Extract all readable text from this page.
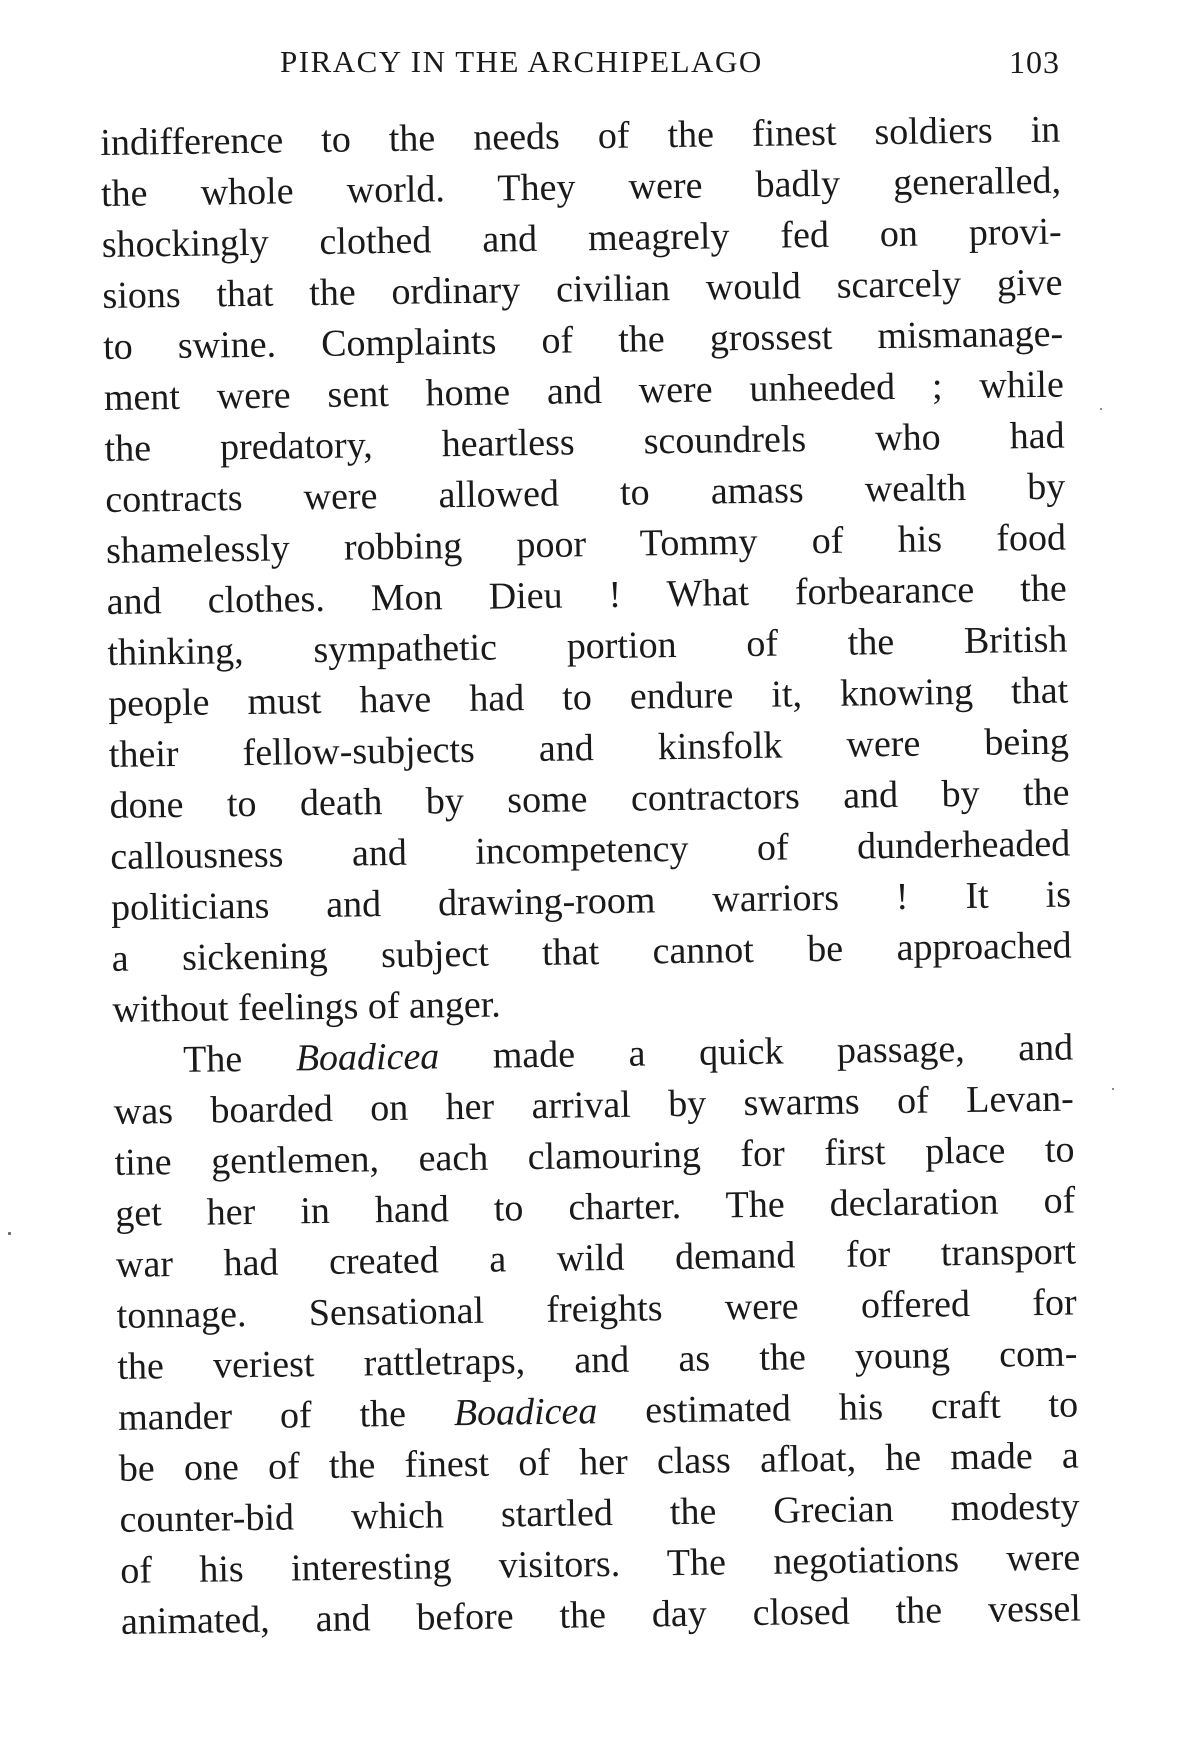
PIRACY IN THE ARCHIPELAGO	103
indifference to the needs of the finest soldiers in
the whole world. They were badly generalled,
shockingly clothed and meagrely fed on provi-
sions that the ordinary civilian would scarcely give
to swine. Complaints of the grossest mismanage-
ment were sent home and were unheeded ; while
the predatory, heartless scoundrels who had
contracts were allowed to amass wealth by
shamelessly robbing poor Tommy of his food
and clothes. Mon Dieu ! What forbearance the
thinking, sympathetic portion of the British
people must have had to endure it, knowing that
their fellow-subjects and kinsfolk were being
done to death by some contractors and by the
callousness and incompetency of dunderheaded
politicians and drawing-room warriors ! It is
a sickening subject that cannot be approached
without feelings of anger.
The Boadicea made a quick passage, and
was boarded on her arrival by swarms of Levan-
tine gentlemen, each clamouring for first place to
get her in hand to charter. The declaration of
war had created a wild demand for transport
tonnage. Sensational freights were offered for
the veriest rattletraps, and as the young com-
mander of the Boadicea estimated his craft to
be one of the finest of her class afloat, he made a
counter-bid which startled the Grecian modesty
of his interesting visitors. The negotiations were
animated, and before the day closed the vessel
